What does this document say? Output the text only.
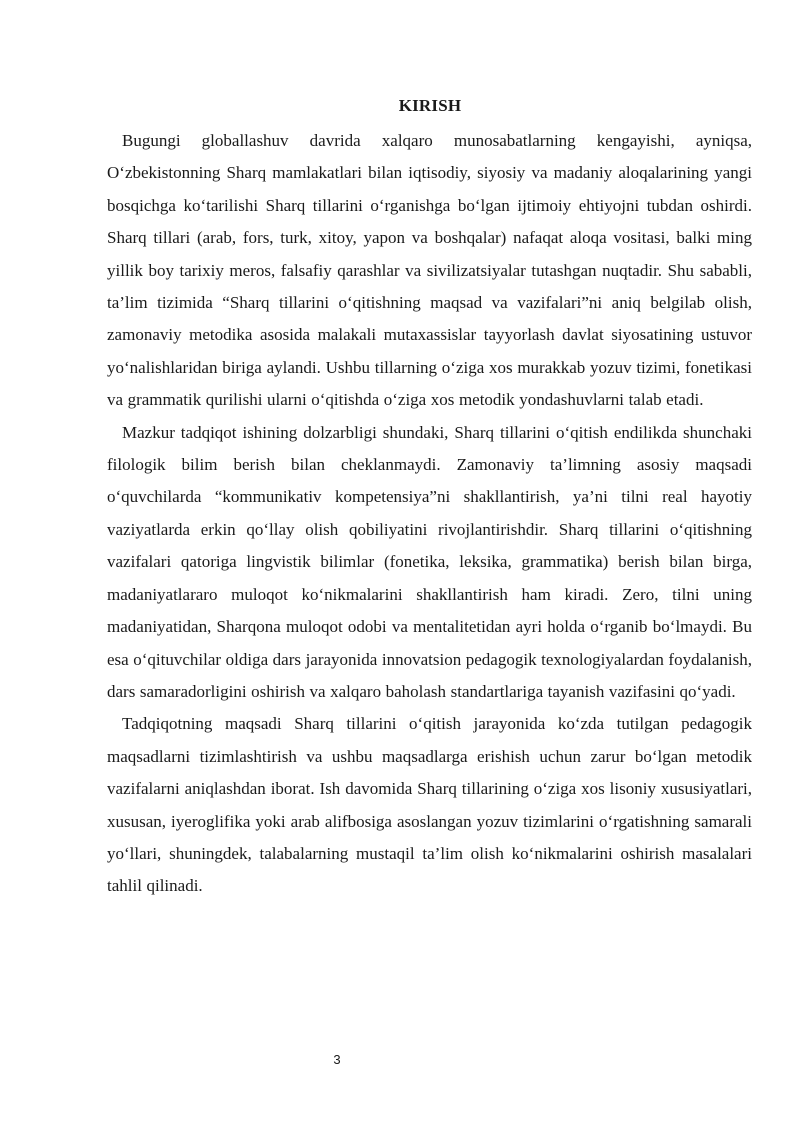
KIRISH

Bugungi globallashuv davrida xalqaro munosabatlarning kengayishi, ayniqsa, O‘zbekistonning Sharq mamlakatlari bilan iqtisodiy, siyosiy va madaniy aloqalarining yangi bosqichga ko‘tarilishi Sharq tillarini o‘rganishga bo‘lgan ijtimoiy ehtiyojni tubdan oshirdi. Sharq tillari (arab, fors, turk, xitoy, yapon va boshqalar) nafaqat aloqa vositasi, balki ming yillik boy tarixiy meros, falsafiy qarashlar va sivilizatsiyalar tutashgan nuqtadir. Shu sababli, ta’lim tizimida “Sharq tillarini o‘qitishning maqsad va vazifalari”ni aniq belgilab olish, zamonaviy metodika asosida malakali mutaxassislar tayyorlash davlat siyosatining ustuvor yo‘nalishlaridan biriga aylandi. Ushbu tillarning o‘ziga xos murakkab yozuv tizimi, fonetikasi va grammatik qurilishi ularni o‘qitishda o‘ziga xos metodik yondashuvlarni talab etadi.

Mazkur tadqiqot ishining dolzarbligi shundaki, Sharq tillarini o‘qitish endilikda shunchaki filologik bilim berish bilan cheklanmaydi. Zamonaviy ta’limning asosiy maqsadi o‘quvchilarda “kommunikativ kompetensiya”ni shakllantirish, ya’ni tilni real hayotiy vaziyatlarda erkin qo‘llay olish qobiliyatini rivojlantirishdir. Sharq tillarini o‘qitishning vazifalari qatoriga lingvistik bilimlar (fonetika, leksika, grammatika) berish bilan birga, madaniyatlararo muloqot ko‘nikmalarini shakllantirish ham kiradi. Zero, tilni uning madaniyatidan, Sharqona muloqot odobi va mentalitetidan ayri holda o‘rganib bo‘lmaydi. Bu esa o‘qituvchilar oldiga dars jarayonida innovatsion pedagogik texnologiyalardan foydalanish, dars samaradorligini oshirish va xalqaro baholash standartlariga tayanish vazifasini qo‘yadi.

Tadqiqotning maqsadi Sharq tillarini o‘qitish jarayonida ko‘zda tutilgan pedagogik maqsadlarni tizimlashtirish va ushbu maqsadlarga erishish uchun zarur bo‘lgan metodik vazifalarni aniqlashdan iborat. Ish davomida Sharq tillarining o‘ziga xos lisoniy xususiyatlari, xususan, iyeroglifika yoki arab alifbosiga asoslangan yozuv tizimlarini o‘rgatishning samarali yo‘llari, shuningdek, talabalarning mustaqil ta’lim olish ko‘nikmalarini oshirish masalalari tahlil qilinadi.

3
